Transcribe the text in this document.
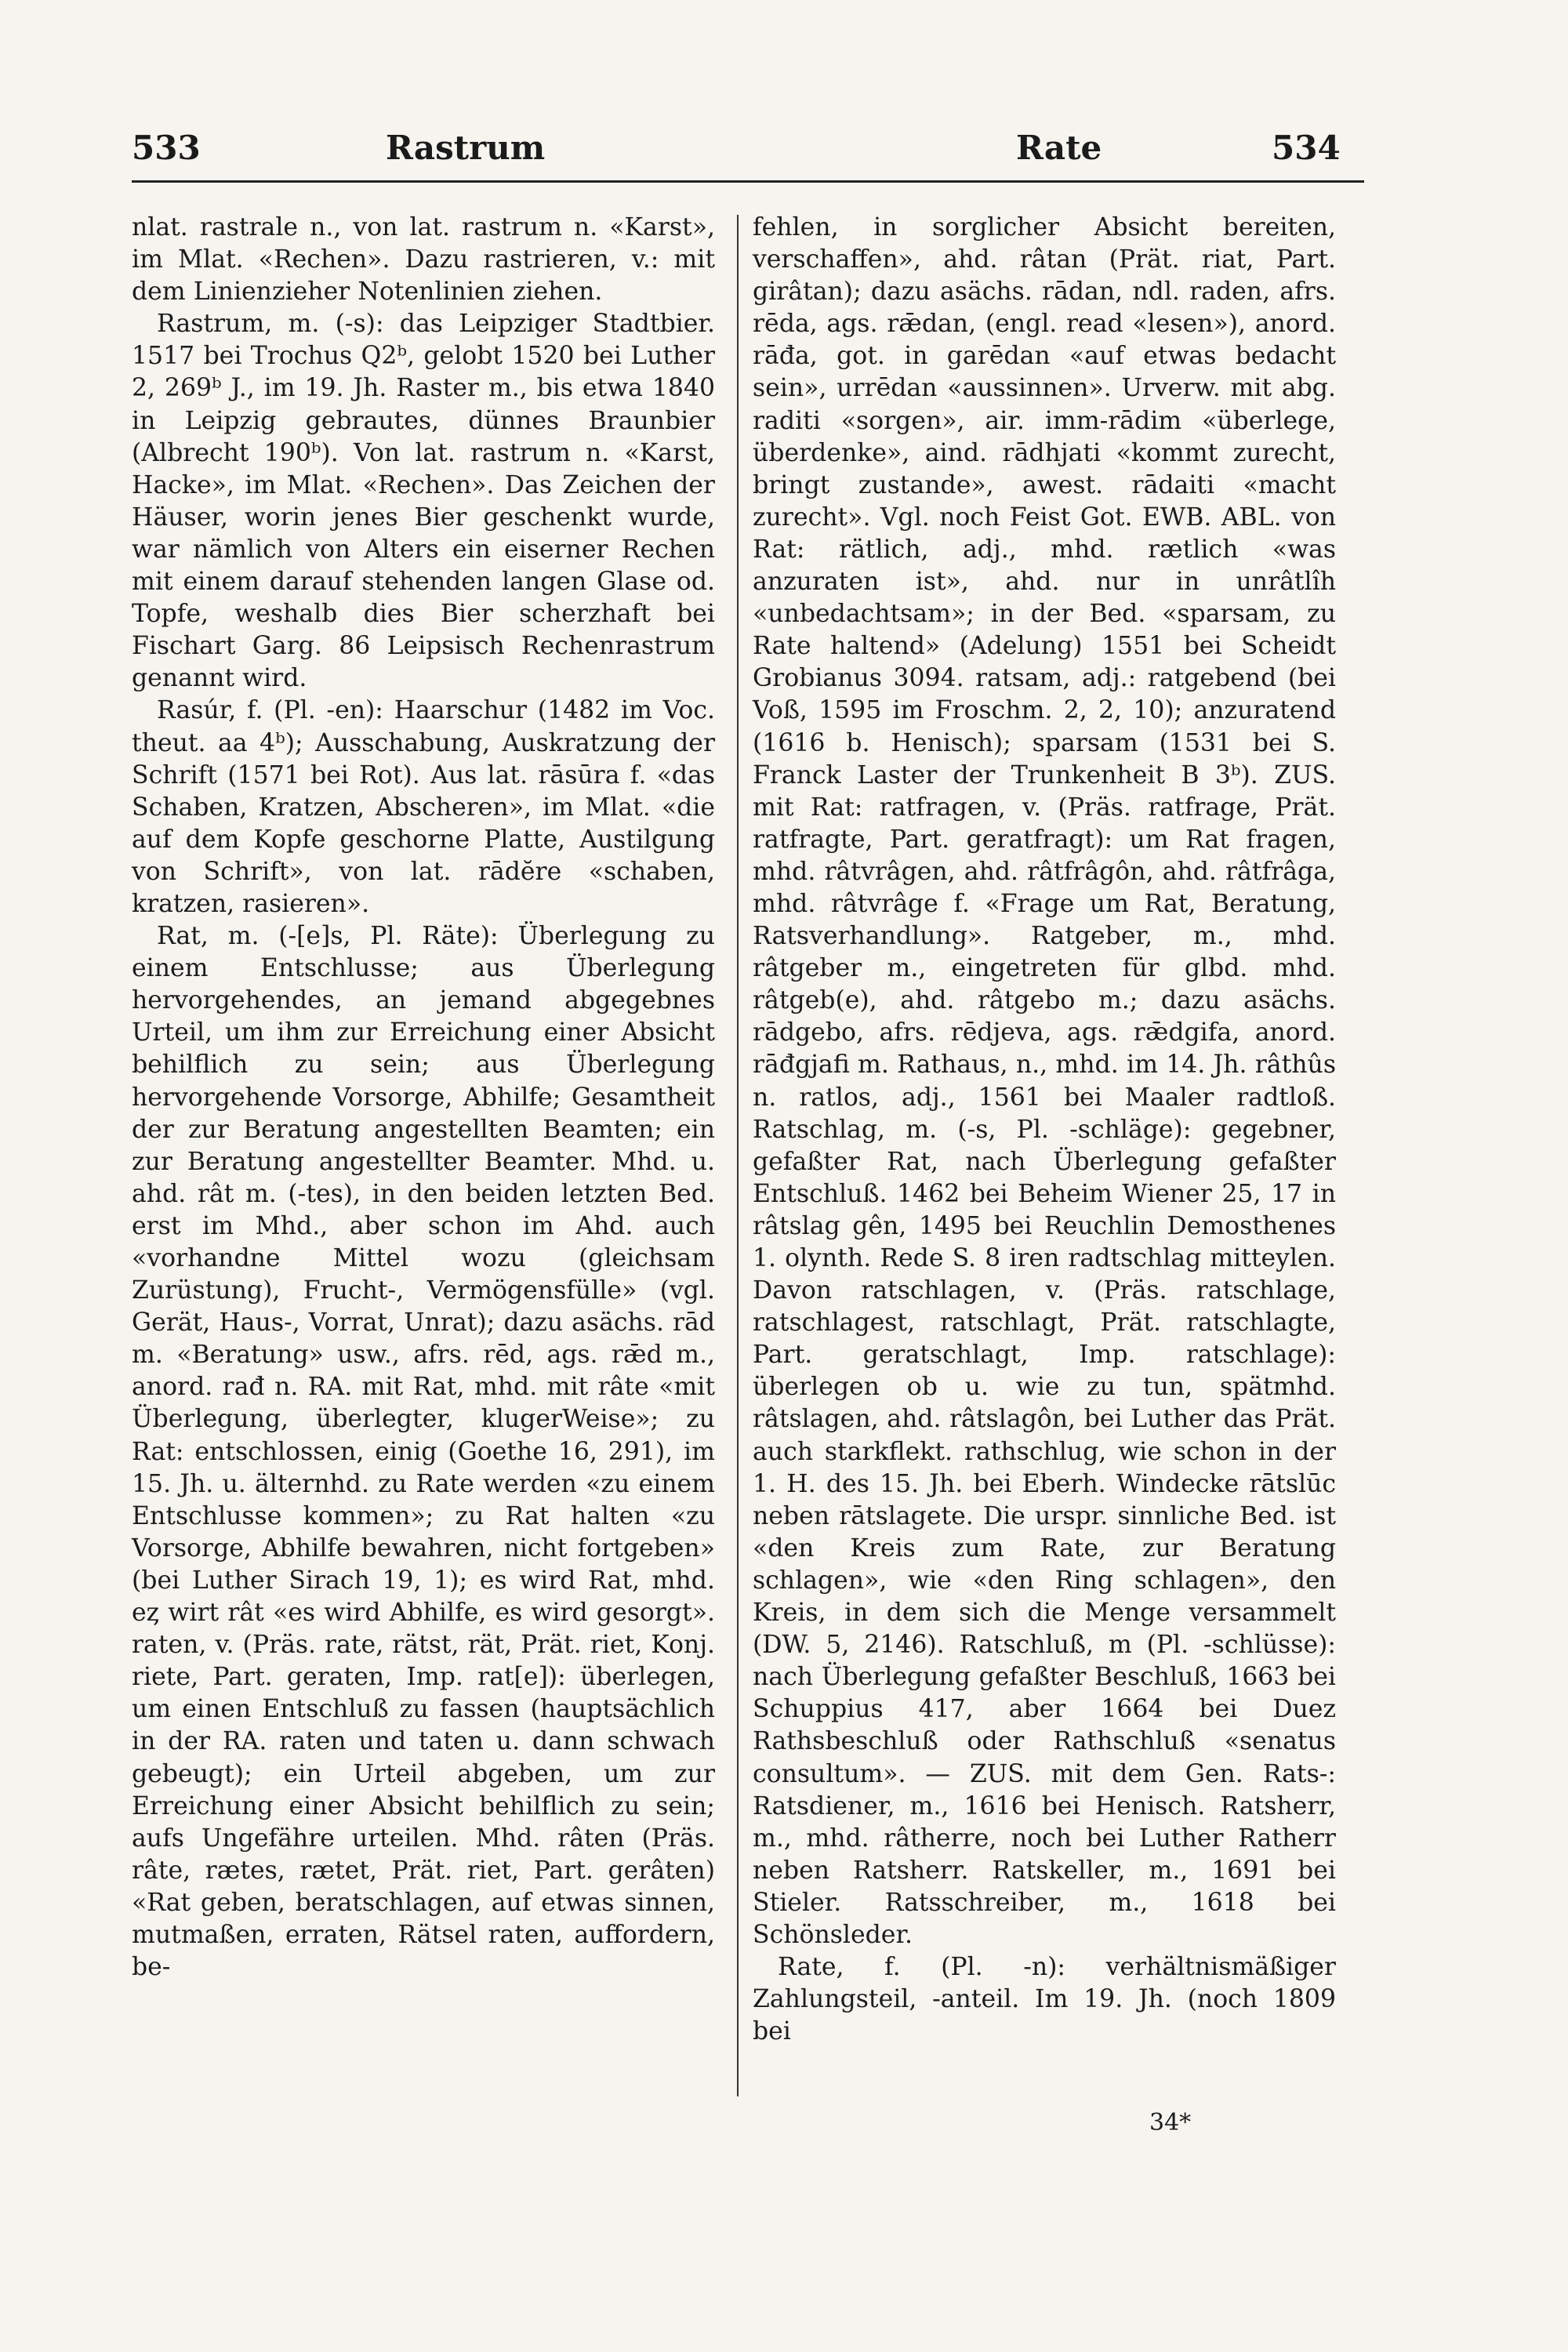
533	Rastrum	Rate	534

nlat. rastrale n., von lat. rastrum n. «Karst», im Mlat. «Rechen». Dazu rastrieren, v.: mit dem Linienzieher Notenlinien ziehen.

Rastrum, m. (-s): das Leipziger Stadtbier. 1517 bei Trochus Q2ᵇ, gelobt 1520 bei Luther 2, 269ᵇ J., im 19. Jh. Raster m., bis etwa 1840 in Leipzig gebrautes, dünnes Braunbier (Albrecht 190ᵇ). Von lat. rastrum n. «Karst, Hacke», im Mlat. «Rechen». Das Zeichen der Häuser, worin jenes Bier geschenkt wurde, war nämlich von Alters ein eiserner Rechen mit einem darauf stehenden langen Glase od. Topfe, weshalb dies Bier scherzhaft bei Fischart Garg. 86 Leipsisch Rechenrastrum genannt wird.

Rasúr, f. (Pl. -en): Haarschur (1482 im Voc. theut. aa 4ᵇ); Ausschabung, Auskratzung der Schrift (1571 bei Rot). Aus lat. rāsūra f. «das Schaben, Kratzen, Abscheren», im Mlat. «die auf dem Kopfe geschorne Platte, Austilgung von Schrift», von lat. rādĕre «schaben, kratzen, rasieren».

Rat, m. (-[e]s, Pl. Räte): Überlegung zu einem Entschlusse; aus Überlegung hervorgehendes, an jemand abgegebnes Urteil, um ihm zur Erreichung einer Absicht behilflich zu sein; aus Überlegung hervorgehende Vorsorge, Abhilfe; Gesamtheit der zur Beratung angestellten Beamten; ein zur Beratung angestellter Beamter. Mhd. u. ahd. rât m. (-tes), in den beiden letzten Bed. erst im Mhd., aber schon im Ahd. auch «vorhandne Mittel wozu (gleichsam Zurüstung), Frucht-, Vermögensfülle» (vgl. Gerät, Haus-, Vorrat, Unrat); dazu asächs. rād m. «Beratung» usw., afrs. rēd, ags. rǣd m., anord. rađ n. RA. mit Rat, mhd. mit râte «mit Überlegung, überlegter, klugerWeise»; zu Rat: entschlossen, einig (Goethe 16, 291), im 15. Jh. u. älternhd. zu Rate werden «zu einem Entschlusse kommen»; zu Rat halten «zu Vorsorge, Abhilfe bewahren, nicht fortgeben» (bei Luther Sirach 19, 1); es wird Rat, mhd. eȥ wirt rât «es wird Abhilfe, es wird gesorgt». raten, v. (Präs. rate, rätst, rät, Prät. riet, Konj. riete, Part. geraten, Imp. rat[e]): überlegen, um einen Entschluß zu fassen (hauptsächlich in der RA. raten und taten u. dann schwach gebeugt); ein Urteil abgeben, um zur Erreichung einer Absicht behilflich zu sein; aufs Ungefähre urteilen. Mhd. râten (Präs. râte, rætes, rætet, Prät. riet, Part. gerâten) «Rat geben, beratschlagen, auf etwas sinnen, mutmaßen, erraten, Rätsel raten, auffordern, be-

fehlen, in sorglicher Absicht bereiten, verschaffen», ahd. râtan (Prät. riat, Part. girâtan); dazu asächs. rādan, ndl. raden, afrs. rēda, ags. rǣdan, (engl. read «lesen»), anord. rāđa, got. in garēdan «auf etwas bedacht sein», urrēdan «aussinnen». Urverw. mit abg. raditi «sorgen», air. imm-rādim «überlege, überdenke», aind. rādhjati «kommt zurecht, bringt zustande», awest. rādaiti «macht zurecht». Vgl. noch Feist Got. EWB. ABL. von Rat: rätlich, adj., mhd. rætlich «was anzuraten ist», ahd. nur in unrâtlîh «unbedachtsam»; in der Bed. «sparsam, zu Rate haltend» (Adelung) 1551 bei Scheidt Grobianus 3094. ratsam, adj.: ratgebend (bei Voß, 1595 im Froschm. 2, 2, 10); anzuratend (1616 b. Henisch); sparsam (1531 bei S. Franck Laster der Trunkenheit B 3ᵇ). ZUS. mit Rat: ratfragen, v. (Präs. ratfrage, Prät. ratfragte, Part. geratfragt): um Rat fragen, mhd. râtvrâgen, ahd. râtfrâgôn, ahd. râtfrâga, mhd. râtvrâge f. «Frage um Rat, Beratung, Ratsverhandlung». Ratgeber, m., mhd. râtgeber m., eingetreten für glbd. mhd. râtgeb(e), ahd. râtgebo m.; dazu asächs. rādgebo, afrs. rēdjeva, ags. rǣdgifa, anord. rāđgjafi m. Rathaus, n., mhd. im 14. Jh. râthûs n. ratlos, adj., 1561 bei Maaler radtloß. Ratschlag, m. (-s, Pl. -schläge): gegebner, gefaßter Rat, nach Überlegung gefaßter Entschluß. 1462 bei Beheim Wiener 25, 17 in râtslag gên, 1495 bei Reuchlin Demosthenes 1. olynth. Rede S. 8 iren radtschlag mitteylen. Davon ratschlagen, v. (Präs. ratschlage, ratschlagest, ratschlagt, Prät. ratschlagte, Part. geratschlagt, Imp. ratschlage): überlegen ob u. wie zu tun, spätmhd. râtslagen, ahd. râtslagôn, bei Luther das Prät. auch starkflekt. rathschlug, wie schon in der 1. H. des 15. Jh. bei Eberh. Windecke rātslūc neben rātslagete. Die urspr. sinnliche Bed. ist «den Kreis zum Rate, zur Beratung schlagen», wie «den Ring schlagen», den Kreis, in dem sich die Menge versammelt (DW. 5, 2146). Ratschluß, m (Pl. -schlüsse): nach Überlegung gefaßter Beschluß, 1663 bei Schuppius 417, aber 1664 bei Duez Rathsbeschluß oder Rathschluß «senatus consultum». — ZUS. mit dem Gen. Rats-: Ratsdiener, m., 1616 bei Henisch. Ratsherr, m., mhd. râtherre, noch bei Luther Ratherr neben Ratsherr. Ratskeller, m., 1691 bei Stieler. Ratsschreiber, m., 1618 bei Schönsleder.

Rate, f. (Pl. -n): verhältnismäßiger Zahlungsteil, -anteil. Im 19. Jh. (noch 1809 bei

34*
